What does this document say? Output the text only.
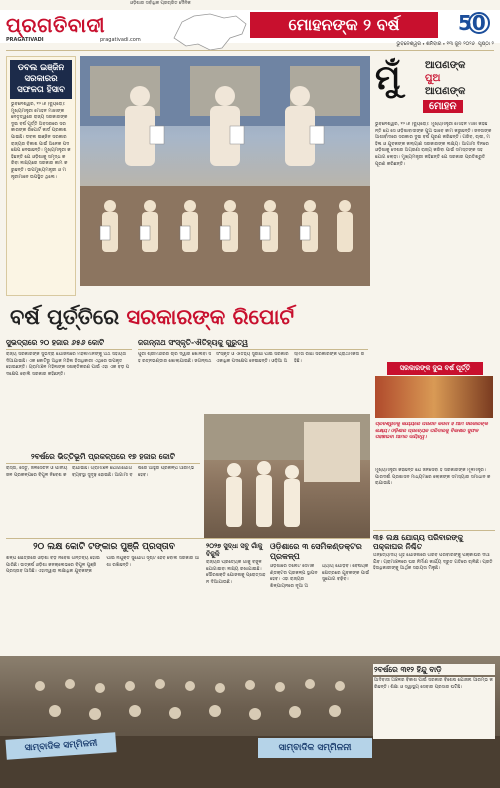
ଓଡ଼ିଶାର ସର୍ବାଧିକ ପ୍ରଚାରିତ ଦୈନିକ
ପ୍ରଗତିବାଦୀ
PRAGATIVADI	pragativadi.com
ମୋହନଙ୍କ ୨ ବର୍ଷ	50
ଭୁବନେଶ୍ୱର ⬩ ଶନିବାର ⬩ ୧୩ ଜୁନ ୨୦୨୬ ପୃଷ୍ଠା ୨
ଡବଲ ଇଞ୍ଜିନ ସରକାରର ସଫଳତା ହିସାବ
ଭୁବନେଶ୍ୱର, ୧୨।୬ (ବ୍ୟୁରୋ): ମୁଖ୍ୟମନ୍ତ୍ରୀ ମୋହନ ମାଝୀଙ୍କ ନେତୃତ୍ୱରେ ରାଜ୍ୟ ସରକାରଙ୍କ ଦୁଇ ବର୍ଷ ପୂର୍ତ୍ତି ଅବସରରେ ସରକାରଙ୍କ ରିପୋର୍ଟ କାର୍ଡ ପ୍ରକାଶ ପାଇଛି। ଡବଲ ଇଞ୍ଜିନ ସରକାର ରାଜ୍ୟର ବିକାଶ ପାଇଁ ଅନେକ ପଦକ୍ଷେପ ନେଇଛନ୍ତି। ମୁଖ୍ୟମନ୍ତ୍ରୀ କହିଛନ୍ତି ଯେ ଓଡ଼ିଶାକୁ ସମୃଦ୍ଧ କରିବା ଲକ୍ଷ୍ୟରେ ସରକାର କାମ କରୁଛନ୍ତି। ଉପମୁଖ୍ୟମନ୍ତ୍ରୀ ଓ ମନ୍ତ୍ରୀମାନେ ଉପସ୍ଥିତ ଥିଲେ।
ମୁଁ ଆପଣଙ୍କ
ପୁଅ
ଆପଣଙ୍କ
ମୋହନ
ଭୁବନେଶ୍ୱର, ୧୨।୬ (ବ୍ୟୁରୋ): ମୁଖ୍ୟମନ୍ତ୍ରୀ ମୋହନ ମାଝୀ କହିଛନ୍ତି ଯେ ସେ ଓଡ଼ିଶାବାସୀଙ୍କ ପୁଅ ଭାବେ କାମ କରୁଛନ୍ତି। ଜନତାଙ୍କ ଆଶୀର୍ବାଦରେ ସରକାର ଦୁଇ ବର୍ଷ ପୂରଣ କରିଛନ୍ତି। ଗରିବ, ଚାଷୀ, ମହିଳା ଓ ଯୁବକଙ୍କ କଲ୍ୟାଣ ସରକାରଙ୍କ ଲକ୍ଷ୍ୟ। ଆଗାମୀ ଦିନରେ ଓଡ଼ିଶାକୁ ଦେଶର ଅଗ୍ରଣୀ ରାଜ୍ୟ କରିବା ପାଇଁ ସମସ୍ତଙ୍କ ସହଯୋଗ ଲୋଡ଼ା। ମୁଖ୍ୟମନ୍ତ୍ରୀ କହିଛନ୍ତି ଯେ ସରକାର ପ୍ରତିଶ୍ରୁତି ପୂରଣ କରିଛନ୍ତି।
ସରକାରଙ୍କ ଦୁଇ ବର୍ଷ ପୂର୍ତ୍ତି
ପ୍ରତିଶ୍ରୁତିକୁ କାର୍ଯ୍ୟରେ ପରିଣତ କରିବା ହିଁ ଆମ ସରକାରଙ୍କ ଲକ୍ଷ୍ୟ। ଓଡ଼ିଶାର ପ୍ରତ୍ୟେକ ପରିବାରକୁ ବିକାଶର ସୁଫଳ ପହଞ୍ଚାଇବା ଆମର ଦାୟିତ୍ୱ।
ମୁଖ୍ୟମନ୍ତ୍ରୀ କହିଛନ୍ତି ଯେ ଜନସେବା ହିଁ ସରକାରଙ୍କ ମୂଳମନ୍ତ୍ର। ପାରଦର୍ଶୀ ପ୍ରଶାସନ ମାଧ୍ୟମରେ ଲୋକଙ୍କ ସମସ୍ୟାର ସମାଧାନ କରାଯାଉଛି।
ବର୍ଷ ପୂର୍ତ୍ତିରେ ସରକାରଙ୍କ ରିପୋର୍ଟ
ସୁଭଦ୍ରାରେ ୨୦ ହଜାର ୬୫୬ କୋଟି
ରାଜ୍ୟ ସରକାରଙ୍କ ସୁଭଦ୍ରା ଯୋଜନାରେ ମହିଳାମାନଙ୍କୁ ଅର୍ଥ ସହାୟତା ଦିଆଯାଇଛି। ଏକ କୋଟିରୁ ଅଧିକ ମହିଳା ହିତାଧିକାରୀ ଏଥିରେ ଉପକୃତ ହୋଇଛନ୍ତି। ଗ୍ରାମାଞ୍ଚଳ ମହିଳାଙ୍କ ସଶକ୍ତିକରଣ ପାଇଁ ଏହା ଏକ ବଡ଼ ପଦକ୍ଷେପ ବୋଲି ସରକାର କହିଛନ୍ତି।
ଜଗନ୍ନାଥ ସଂସ୍କୃତି-ଐତିହ୍ୟକୁ ଗୁରୁତ୍ୱ
ପୁରୀ ଶ୍ରୀମନ୍ଦିରର ଚାରି ଦ୍ୱାର ଖୋଲିବା ସହ ରତ୍ନଭଣ୍ଡାର ଖୋଲାଯାଇଛି। ଜଗନ୍ନାଥ ସଂସ୍କୃତି ଓ ଐତିହ୍ୟ ସୁରକ୍ଷା ପାଇଁ ସରକାର ଏକାଧିକ ପଦକ୍ଷେପ ନେଇଛନ୍ତି। ଓଡ଼ିଆ ଅସ୍ମିତା ରକ୍ଷା ସରକାରଙ୍କ ପ୍ରାଥମିକତା ରହିଛି।
୨ବର୍ଷରେ ଭିତ୍ତିଭୂମି ପ୍ରକଳ୍ପରେ ୧୭ ହଜାର କୋଟି
ରାସ୍ତା, ସେତୁ, ଜଳସେଚନ ଓ ପାନୀୟ ଜଳ ପ୍ରକଳ୍ପରେ ବିପୁଳ ନିବେଶ କରାଯାଇଛି। ଗ୍ରାମାଞ୍ଚଳ ଯୋଗାଯୋଗ ବ୍ୟବସ୍ଥା ସୁଦୃଢ଼ ହୋଇଛି। ଆଗାମୀ ବର୍ଷରେ ଆହୁରି ପ୍ରକଳ୍ପ ଆରମ୍ଭ ହେବ।
୨୦ ଲକ୍ଷ କୋଟି ଟଙ୍କାର ପୁଞ୍ଜି ପ୍ରସ୍ତାବ
ଶିଳ୍ପ କ୍ଷେତ୍ରରେ ଓଡ଼ିଶା ବଡ଼ ନିବେଶ ଗନ୍ତବ୍ୟ ହୋଇପାରିଛି। ଉତ୍କର୍ଷ ଓଡ଼ିଶା କନକ୍ଲେଭରେ ବିପୁଳ ପୁଞ୍ଜି ପ୍ରସ୍ତାବ ଆସିଛି। ଏହାଦ୍ୱାରା ଲକ୍ଷାଧିକ ଯୁବକଙ୍କ ପାଇଁ ନିଯୁକ୍ତି ସୁଯୋଗ ସୃଷ୍ଟି ହେବ ବୋଲି ସରକାର ଆଶା ରଖିଛନ୍ତି।
୨୦୨୭ ସୁଦ୍ଧା ସବୁ ଗାଁକୁ ବିଜୁଳି
ରାଜ୍ୟର ପ୍ରତ୍ୟେକ ଗାଁକୁ ବିଜୁଳି ଯୋଗାଇବା ଲକ୍ଷ୍ୟ ରଖାଯାଇଛି। ସୌରଶକ୍ତି ଯୋଜନାକୁ ପ୍ରୋତ୍ସାହନ ଦିଆଯାଉଛି।
ଓଡ଼ିଶାରେ ୩ ସେମିକଣ୍ଡକ୍ଟର ପ୍ରକଳ୍ପ
ଓଡ଼ିଶାରେ ତିନୋଟି ସେମିକଣ୍ଡକ୍ଟର ପ୍ରକଳ୍ପ ସ୍ଥାପନ ହେବ। ଏହା ରାଜ୍ୟର ଶିଳ୍ପାୟନରେ ନୂଆ ଅଧ୍ୟାୟ ଯୋଡ଼ିବ। ବୈଷୟିକ କ୍ଷେତ୍ରରେ ଯୁବକଙ୍କ ପାଇଁ ସୁଯୋଗ ବଢ଼ିବ।
୩୫ ଲକ୍ଷ ଯୋଗ୍ୟ ପରିବାରଙ୍କୁ ପକ୍କାଘର ନିଶ୍ଚିତ
ଅନ୍ତ୍ୟୋଦୟ ଗୃହ ଯୋଜନାରେ ଗରିବ ପରିବାରଙ୍କୁ ପକ୍କାଘର ଦିଆଯିବ। ଗ୍ରାମାଞ୍ଚଳରେ ଘର ନିର୍ମାଣ କାର୍ଯ୍ୟ ଦ୍ରୁତ ଗତିରେ ଚାଲିଛି। ପ୍ରତି ହିତାଧିକାରୀଙ୍କୁ ଆର୍ଥିକ ସହାୟତା ମିଳୁଛି।
୨ବର୍ଷରେ ୩୧୨ ହିନ୍ଦୁ ବାଡ଼ି
ଆଦିବାସୀ ଅଞ୍ଚଳର ବିକାଶ ପାଇଁ ସରକାର ବିଶେଷ ଯୋଜନା ଆରମ୍ଭ କରିଛନ୍ତି। ଶିକ୍ଷା ଓ ସ୍ୱାସ୍ଥ୍ୟ ସେବାର ପ୍ରସାର ଘଟିଛି।
ସାମ୍ବାଦିକ ସମ୍ମିଳନୀ	ସାମ୍ବାଦିକ ସମ୍ମିଳନୀ
